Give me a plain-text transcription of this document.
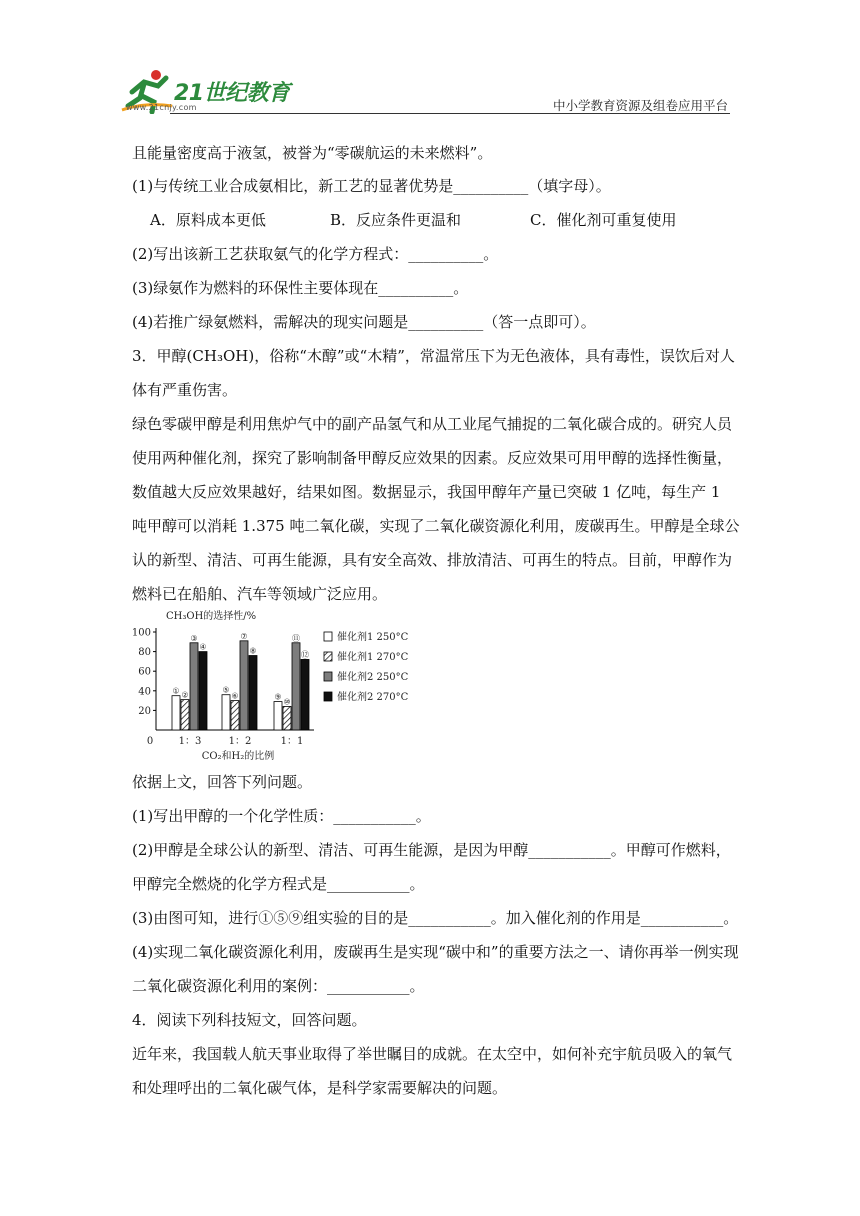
21世纪教育
www.21cnjy.com	中小学教育资源及组卷应用平台
且能量密度高于液氢，被誉为“零碳航运的未来燃料”。
(1)与传统工业合成氨相比，新工艺的显著优势是__________（填字母）。
A．原料成本更低	B．反应条件更温和	C．催化剂可重复使用
(2)写出该新工艺获取氨气的化学方程式：__________。
(3)绿氨作为燃料的环保性主要体现在__________。
(4)若推广绿氨燃料，需解决的现实问题是__________（答一点即可）。
3．甲醇(CH₃OH)，俗称“木醇”或“木精”，常温常压下为无色液体，具有毒性，误饮后对人
体有严重伤害。
绿色零碳甲醇是利用焦炉气中的副产品氢气和从工业尾气捕捉的二氧化碳合成的。研究人员
使用两种催化剂，探究了影响制备甲醇反应效果的因素。反应效果可用甲醇的选择性衡量，
数值越大反应效果越好，结果如图。数据显示，我国甲醇年产量已突破 1 亿吨，每生产 1
吨甲醇可以消耗 1.375 吨二氧化碳，实现了二氧化碳资源化利用，废碳再生。甲醇是全球公
认的新型、清洁、可再生能源，具有安全高效、排放清洁、可再生的特点。目前，甲醇作为
燃料已在船舶、汽车等领域广泛应用。
CH₃OH的选择性/%
20
40
60
80
100
0
① ②
③
④
1：3
⑤
⑥
⑦
⑧
1：2
⑨
⑩
⑪
⑫
1：1
CO₂和H₂的比例
催化剂1 250°C
催化剂1 270°C
催化剂2 250°C
催化剂2 270°C
依据上文，回答下列问题。
(1)写出甲醇的一个化学性质：___________。
(2)甲醇是全球公认的新型、清洁、可再生能源，是因为甲醇___________。甲醇可作燃料，
甲醇完全燃烧的化学方程式是___________。
(3)由图可知，进行①⑤⑨组实验的目的是___________。加入催化剂的作用是___________。
(4)实现二氧化碳资源化利用，废碳再生是实现“碳中和”的重要方法之一、请你再举一例实现
二氧化碳资源化利用的案例：___________。
4．阅读下列科技短文，回答问题。
近年来，我国载人航天事业取得了举世瞩目的成就。在太空中，如何补充宇航员吸入的氧气
和处理呼出的二氧化碳气体，是科学家需要解决的问题。
